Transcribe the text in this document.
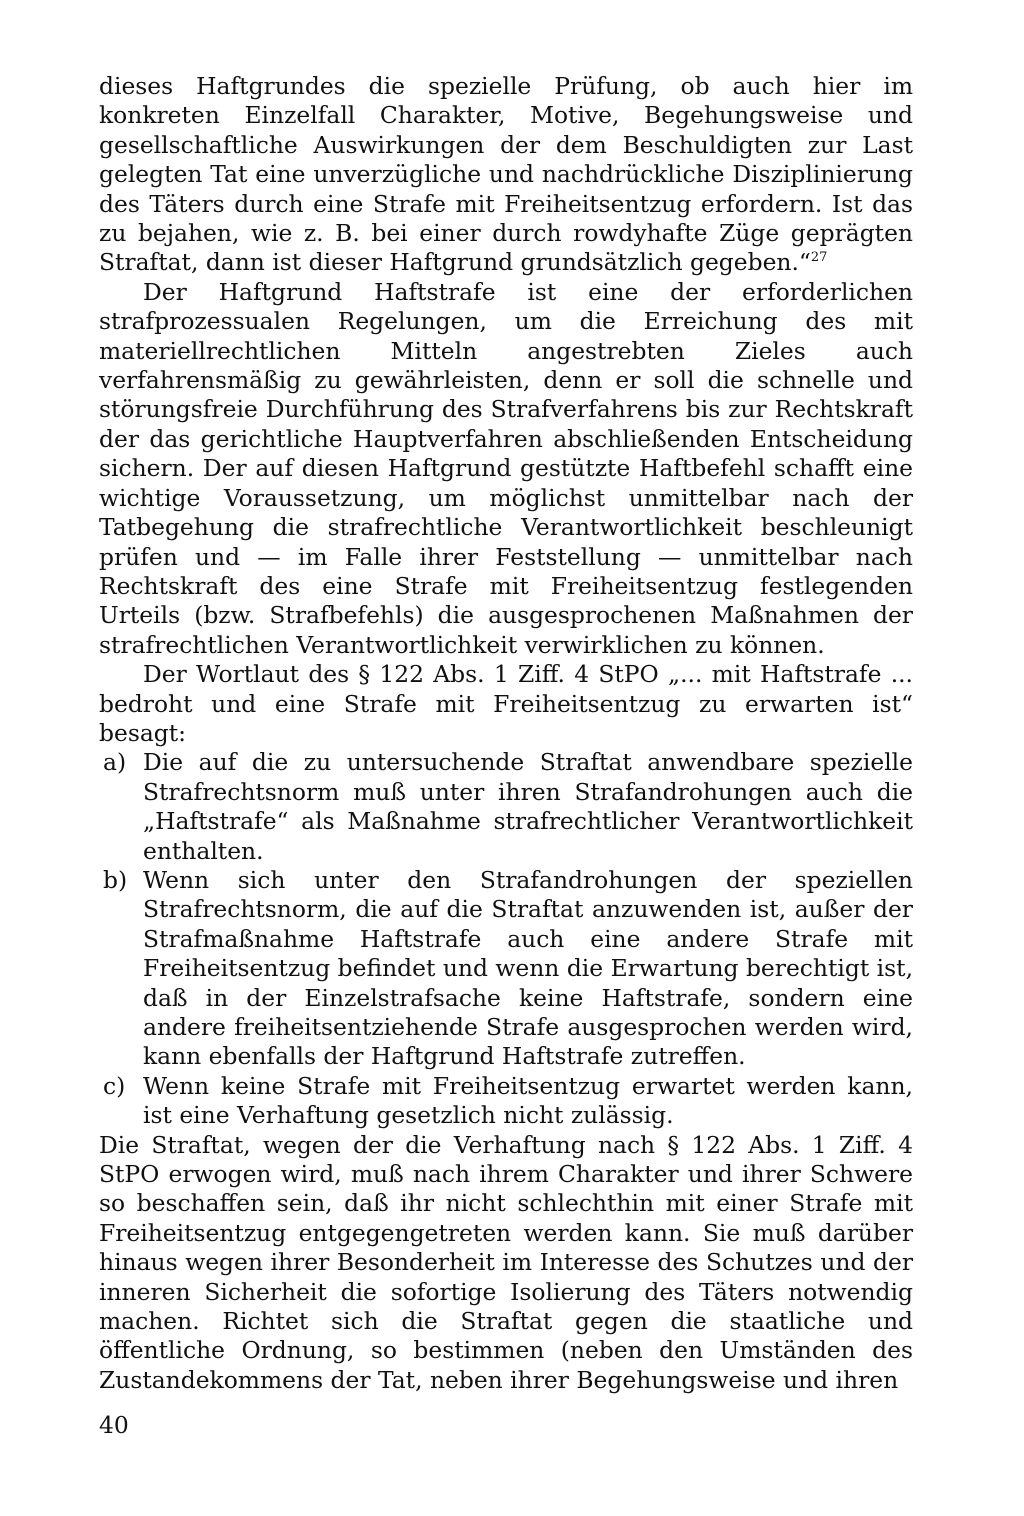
dieses Haftgrundes die spezielle Prüfung, ob auch hier im konkreten Einzelfall Charakter, Motive, Begehungsweise und gesellschaftliche Auswirkungen der dem Beschuldigten zur Last gelegten Tat eine unverzügliche und nachdrückliche Disziplinierung des Täters durch eine Strafe mit Freiheitsentzug erfordern. Ist das zu bejahen, wie z. B. bei einer durch rowdyhafte Züge geprägten Straftat, dann ist dieser Haftgrund grundsätzlich gegeben.“$^{27}$

Der Haftgrund Haftstrafe ist eine der erforderlichen strafprozessualen Regelungen, um die Erreichung des mit materiellrechtlichen Mitteln angestrebten Zieles auch verfahrensmäßig zu gewährleisten, denn er soll die schnelle und störungsfreie Durchführung des Strafverfahrens bis zur Rechtskraft der das gerichtliche Hauptverfahren abschließenden Entscheidung sichern. Der auf diesen Haftgrund gestützte Haftbefehl schafft eine wichtige Voraussetzung, um möglichst unmittelbar nach der Tatbegehung die strafrechtliche Verantwortlichkeit beschleunigt prüfen und — im Falle ihrer Feststellung — unmittelbar nach Rechtskraft des eine Strafe mit Freiheitsentzug festlegenden Urteils (bzw. Strafbefehls) die ausgesprochenen Maßnahmen der strafrechtlichen Verantwortlichkeit verwirklichen zu können.

Der Wortlaut des § 122 Abs. 1 Ziff. 4 StPO „... mit Haftstrafe ... bedroht und eine Strafe mit Freiheitsentzug zu erwarten ist“ besagt:

a) Die auf die zu untersuchende Straftat anwendbare spezielle Strafrechtsnorm muß unter ihren Strafandrohungen auch die „Haftstrafe“ als Maßnahme strafrechtlicher Verantwortlichkeit enthalten.
b) Wenn sich unter den Strafandrohungen der speziellen Strafrechtsnorm, die auf die Straftat anzuwenden ist, außer der Strafmaßnahme Haftstrafe auch eine andere Strafe mit Freiheitsentzug befindet und wenn die Erwartung berechtigt ist, daß in der Einzelstrafsache keine Haftstrafe, sondern eine andere freiheitsentziehende Strafe ausgesprochen werden wird, kann ebenfalls der Haftgrund Haftstrafe zutreffen.
c) Wenn keine Strafe mit Freiheitsentzug erwartet werden kann, ist eine Verhaftung gesetzlich nicht zulässig.

Die Straftat, wegen der die Verhaftung nach § 122 Abs. 1 Ziff. 4 StPO erwogen wird, muß nach ihrem Charakter und ihrer Schwere so beschaffen sein, daß ihr nicht schlechthin mit einer Strafe mit Freiheitsentzug entgegengetreten werden kann. Sie muß darüber hinaus wegen ihrer Besonderheit im Interesse des Schutzes und der inneren Sicherheit die sofortige Isolierung des Täters notwendig machen. Richtet sich die Straftat gegen die staatliche und öffentliche Ordnung, so bestimmen (neben den Umständen des Zustandekommens der Tat, neben ihrer Begehungsweise und ihren

40
